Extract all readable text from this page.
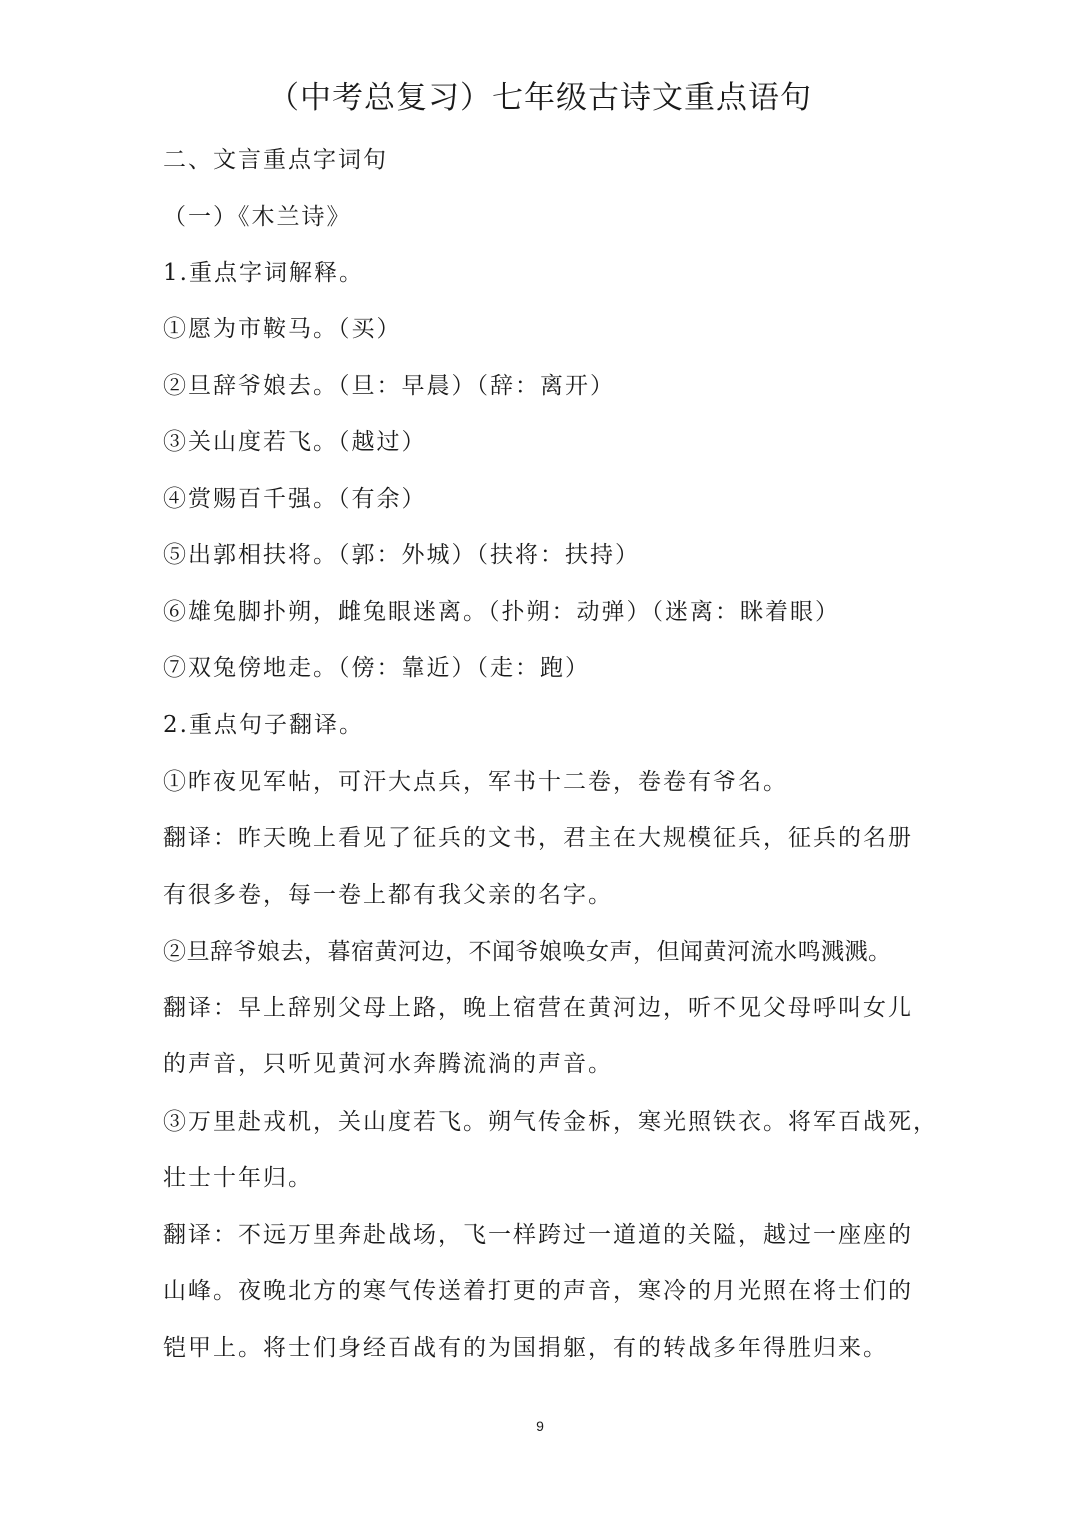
（中考总复习）七年级古诗文重点语句
二、文言重点字词句
（一）《木兰诗》
1.重点字词解释。
①愿为市鞍马。（买）
②旦辞爷娘去。（旦：早晨）（辞：离开）
③关山度若飞。（越过）
④赏赐百千强。（有余）
⑤出郭相扶将。（郭：外城）（扶将：扶持）
⑥雄兔脚扑朔，雌兔眼迷离。（扑朔：动弹）（迷离：眯着眼）
⑦双兔傍地走。（傍：靠近）（走：跑）
2.重点句子翻译。
①昨夜见军帖，可汗大点兵，军书十二卷，卷卷有爷名。
翻译：昨天晚上看见了征兵的文书，君主在大规模征兵，征兵的名册
有很多卷，每一卷上都有我父亲的名字。
②旦辞爷娘去，暮宿黄河边，不闻爷娘唤女声，但闻黄河流水鸣溅溅。
翻译：早上辞别父母上路，晚上宿营在黄河边，听不见父母呼叫女儿
的声音，只听见黄河水奔腾流淌的声音。
③万里赴戎机，关山度若飞。朔气传金柝，寒光照铁衣。将军百战死，
壮士十年归。
翻译：不远万里奔赴战场，飞一样跨过一道道的关隘，越过一座座的
山峰。夜晚北方的寒气传送着打更的声音，寒冷的月光照在将士们的
铠甲上。将士们身经百战有的为国捐躯，有的转战多年得胜归来。
9
